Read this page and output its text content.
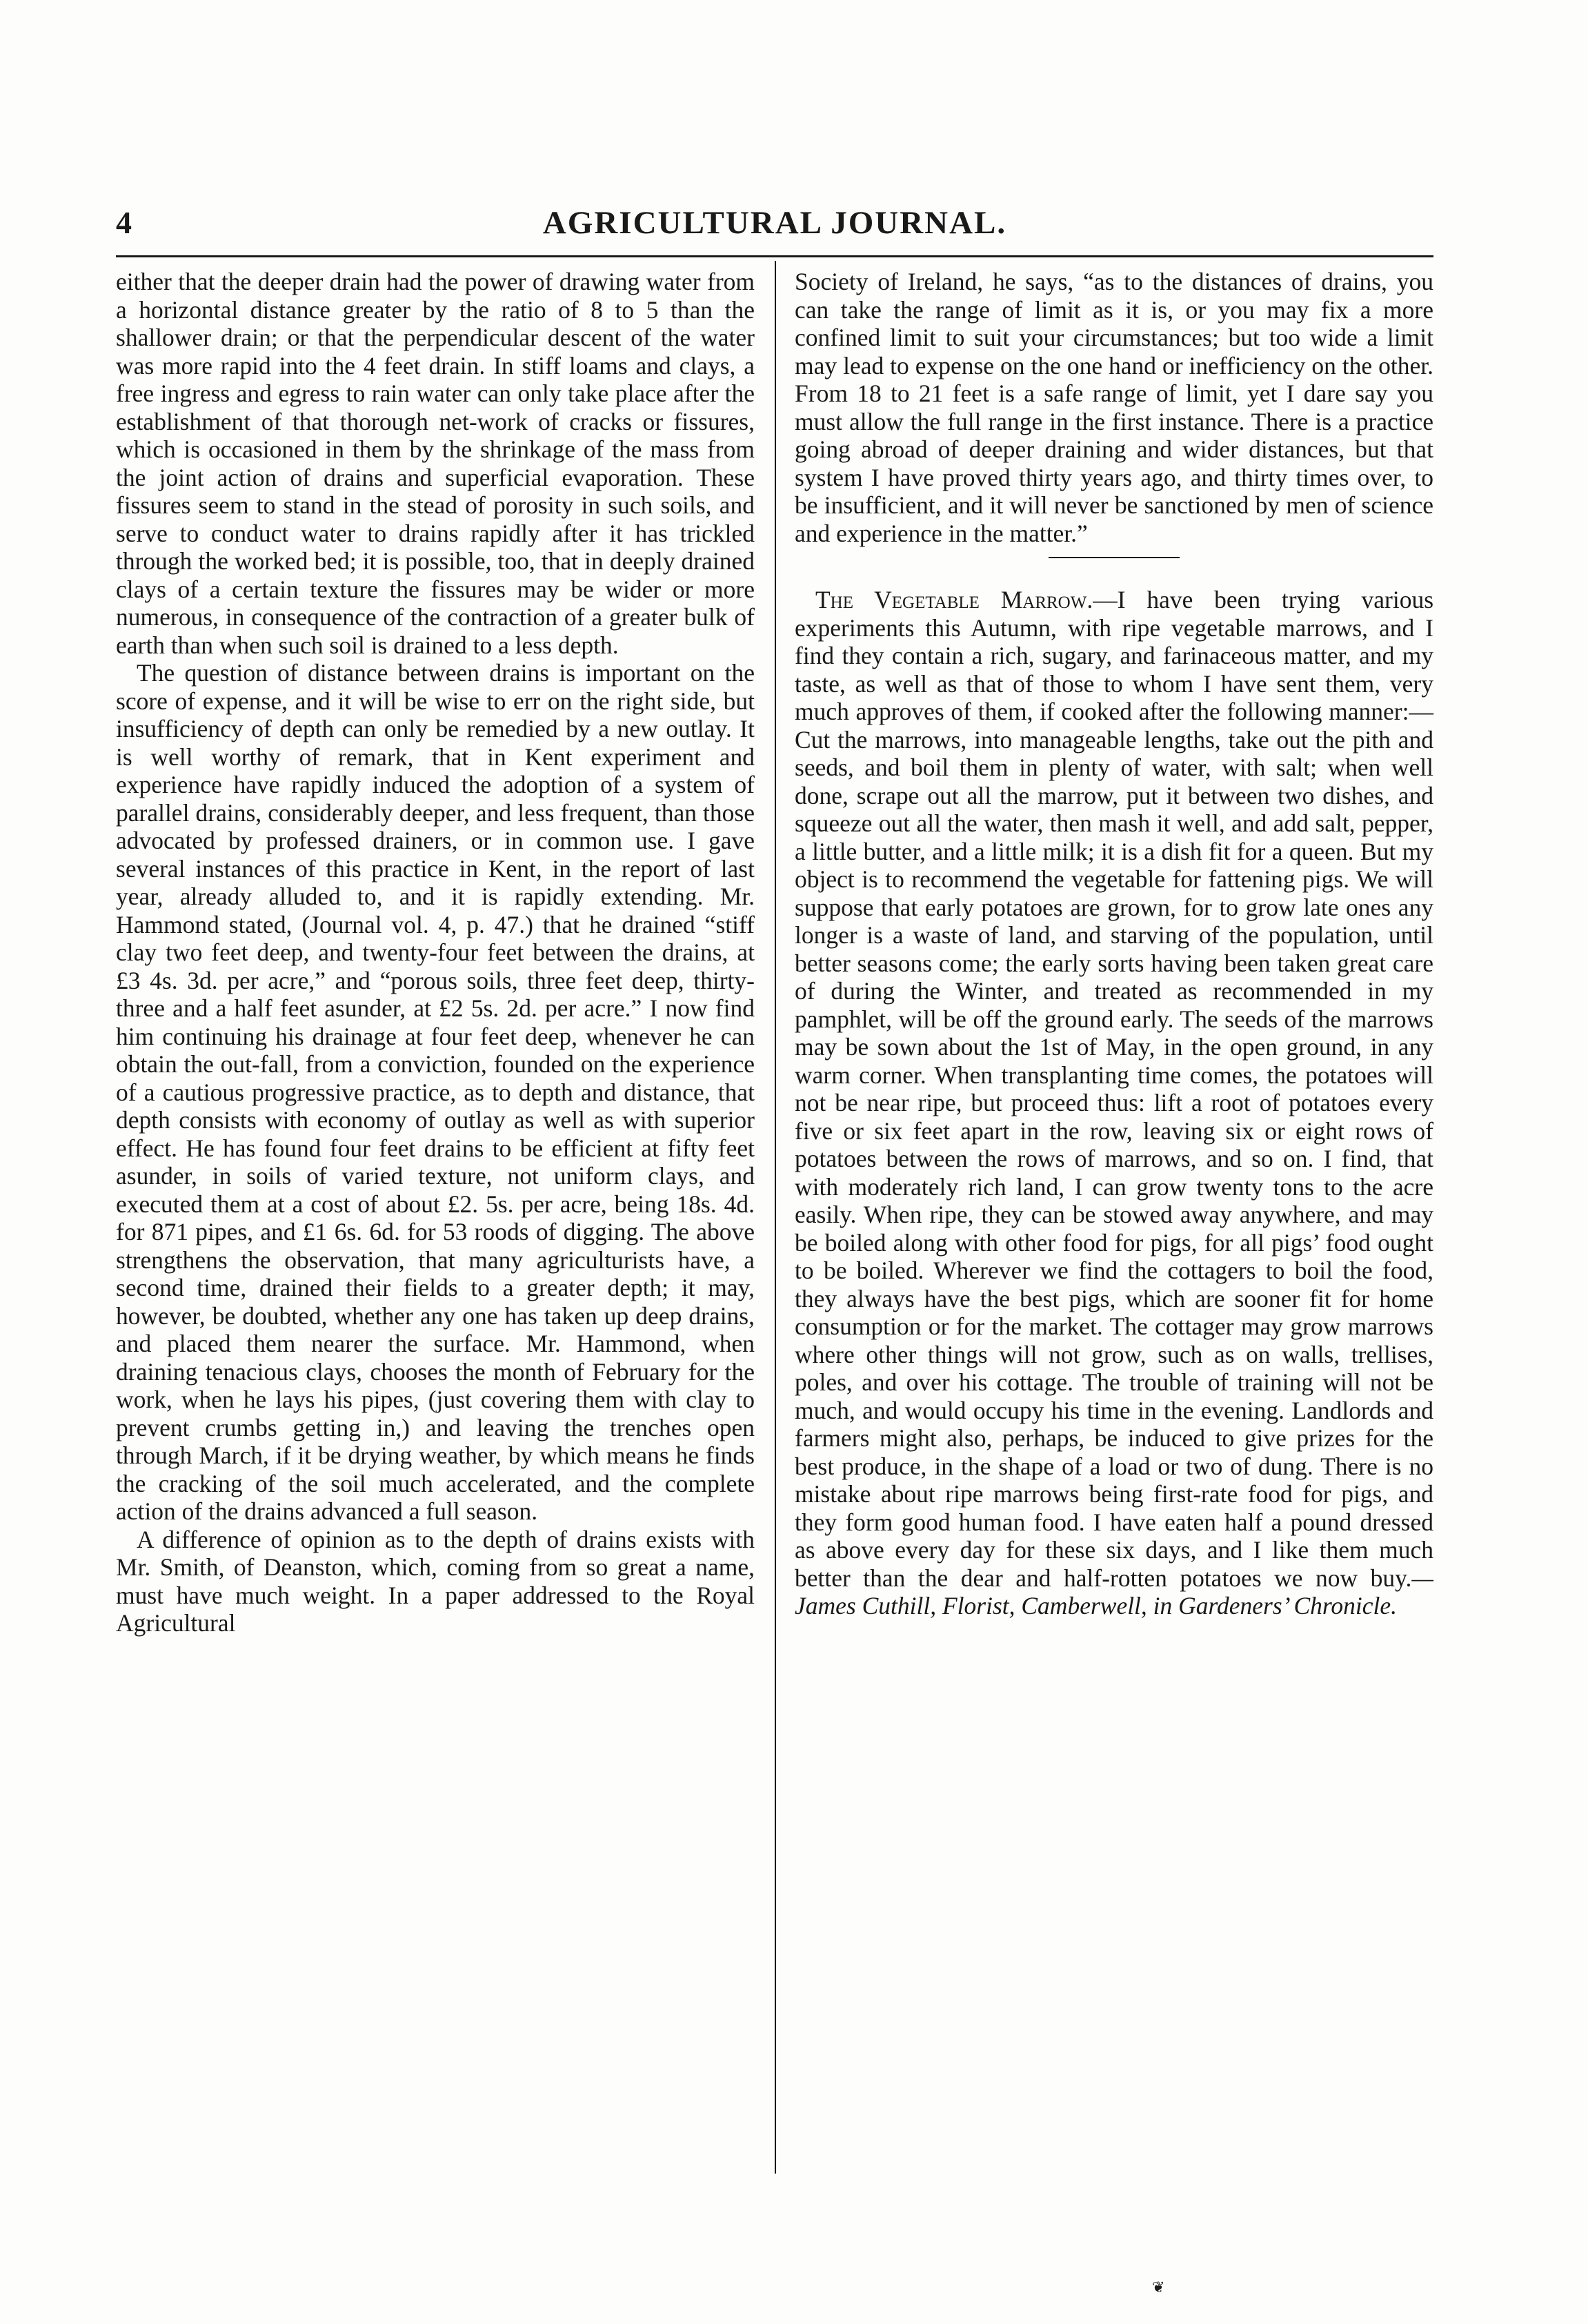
4	AGRICULTURAL JOURNAL.

either that the deeper drain had the power of drawing water from a horizontal distance greater by the ratio of 8 to 5 than the shallower drain; or that the perpendicular descent of the water was more rapid into the 4 feet drain. In stiff loams and clays, a free ingress and egress to rain water can only take place after the establishment of that thorough net-work of cracks or fissures, which is occasioned in them by the shrinkage of the mass from the joint action of drains and superficial evaporation. These fissures seem to stand in the stead of porosity in such soils, and serve to conduct water to drains rapidly after it has trickled through the worked bed; it is possible, too, that in deeply drained clays of a certain texture the fissures may be wider or more numerous, in consequence of the contraction of a greater bulk of earth than when such soil is drained to a less depth.

The question of distance between drains is important on the score of expense, and it will be wise to err on the right side, but insufficiency of depth can only be remedied by a new outlay. It is well worthy of remark, that in Kent experiment and experience have rapidly induced the adoption of a system of parallel drains, considerably deeper, and less frequent, than those advocated by professed drainers, or in common use. I gave several instances of this practice in Kent, in the report of last year, already alluded to, and it is rapidly extending. Mr. Hammond stated, (Journal vol. 4, p. 47.) that he drained “stiff clay two feet deep, and twenty-four feet between the drains, at £3 4s. 3d. per acre,” and “porous soils, three feet deep, thirty-three and a half feet asunder, at £2 5s. 2d. per acre.” I now find him continuing his drainage at four feet deep, whenever he can obtain the out-fall, from a conviction, founded on the experience of a cautious progressive practice, as to depth and distance, that depth consists with economy of outlay as well as with superior effect. He has found four feet drains to be efficient at fifty feet asunder, in soils of varied texture, not uniform clays, and executed them at a cost of about £2. 5s. per acre, being 18s. 4d. for 871 pipes, and £1 6s. 6d. for 53 roods of digging. The above strengthens the observation, that many agriculturists have, a second time, drained their fields to a greater depth; it may, however, be doubted, whether any one has taken up deep drains, and placed them nearer the surface. Mr. Hammond, when draining tenacious clays, chooses the month of February for the work, when he lays his pipes, (just covering them with clay to prevent crumbs getting in,) and leaving the trenches open through March, if it be drying weather, by which means he finds the cracking of the soil much accelerated, and the complete action of the drains advanced a full season.

A difference of opinion as to the depth of drains exists with Mr. Smith, of Deanston, which, coming from so great a name, must have much weight. In a paper addressed to the Royal Agricultural

Society of Ireland, he says, “as to the distances of drains, you can take the range of limit as it is, or you may fix a more confined limit to suit your circumstances; but too wide a limit may lead to expense on the one hand or inefficiency on the other. From 18 to 21 feet is a safe range of limit, yet I dare say you must allow the full range in the first instance. There is a practice going abroad of deeper draining and wider distances, but that system I have proved thirty years ago, and thirty times over, to be insufficient, and it will never be sanctioned by men of science and experience in the matter.”

The Vegetable Marrow.—I have been trying various experiments this Autumn, with ripe vegetable marrows, and I find they contain a rich, sugary, and farinaceous matter, and my taste, as well as that of those to whom I have sent them, very much approves of them, if cooked after the following manner:—Cut the marrows, into manageable lengths, take out the pith and seeds, and boil them in plenty of water, with salt; when well done, scrape out all the marrow, put it between two dishes, and squeeze out all the water, then mash it well, and add salt, pepper, a little butter, and a little milk; it is a dish fit for a queen. But my object is to recommend the vegetable for fattening pigs. We will suppose that early potatoes are grown, for to grow late ones any longer is a waste of land, and starving of the population, until better seasons come; the early sorts having been taken great care of during the Winter, and treated as recommended in my pamphlet, will be off the ground early. The seeds of the marrows may be sown about the 1st of May, in the open ground, in any warm corner. When transplanting time comes, the potatoes will not be near ripe, but proceed thus: lift a root of potatoes every five or six feet apart in the row, leaving six or eight rows of potatoes between the rows of marrows, and so on. I find, that with moderately rich land, I can grow twenty tons to the acre easily. When ripe, they can be stowed away anywhere, and may be boiled along with other food for pigs, for all pigs’ food ought to be boiled. Wherever we find the cottagers to boil the food, they always have the best pigs, which are sooner fit for home consumption or for the market. The cottager may grow marrows where other things will not grow, such as on walls, trellises, poles, and over his cottage. The trouble of training will not be much, and would occupy his time in the evening. Landlords and farmers might also, perhaps, be induced to give prizes for the best produce, in the shape of a load or two of dung. There is no mistake about ripe marrows being first-rate food for pigs, and they form good human food. I have eaten half a pound dressed as above every day for these six days, and I like them much better than the dear and half-rotten potatoes we now buy.—James Cuthill, Florist, Camberwell, in Gardeners’ Chronicle.

❦
